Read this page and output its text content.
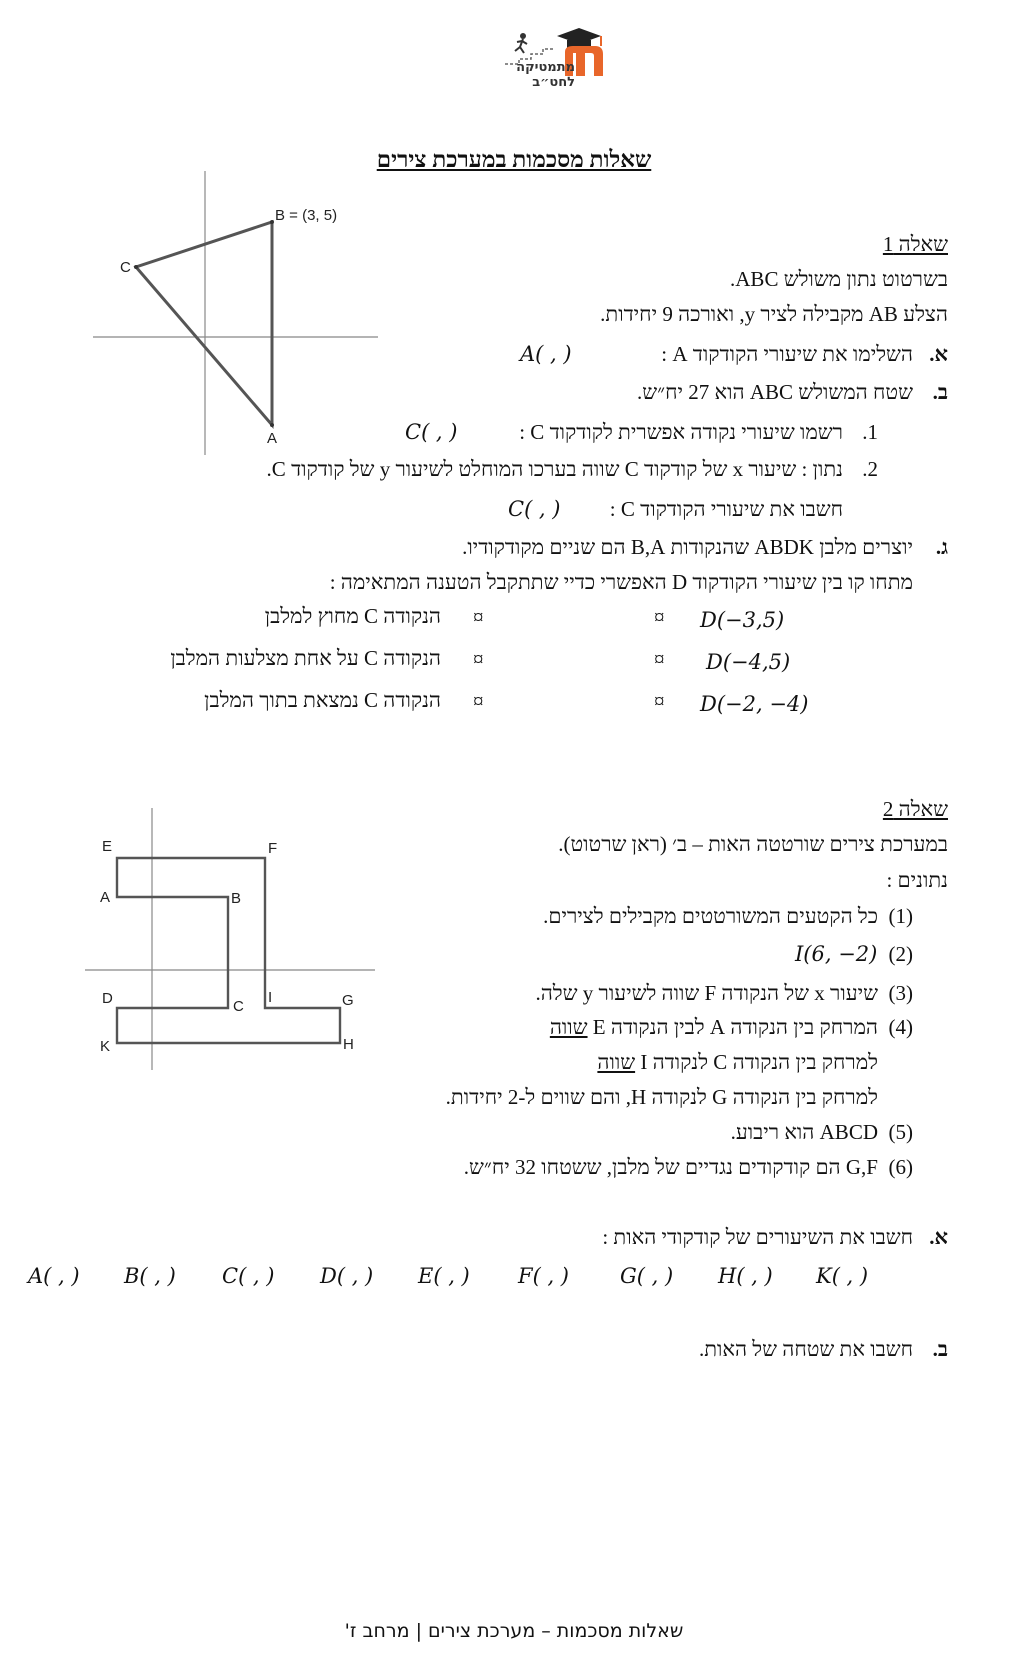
מתמטיקה לחט״ב
שאלות מסכמות במערכת צירים
B = (3, 5)
C
A
שאלה 1
בשרטוט נתון משולש ABC.
הצלע AB מקבילה לציר y, ואורכה 9 יחידות.
א.
השלימו את שיעורי הקודקוד A :
A( , )
ב.
שטח המשולש ABC הוא 27 יח״ש.
1.
רשמו שיעורי נקודה אפשרית לקודקוד C :
C( , )
2.
נתון : שיעור x של קודקוד C שווה בערכו המוחלט לשיעור y של קודקוד C.
חשבו את שיעורי הקודקוד C :
C( , )
ג.
יוצרים מלבן ABDK שהנקודות B,A הם שניים מקודקודיו.
מתחו קו בין שיעורי הקודקוד D האפשרי כדיי שתתקבל הטענה המתאימה :
D(−3,5)
D(−4,5)
D(−2, −4)
¤
¤
¤
¤
¤
¤
הנקודה C מחוץ למלבן
הנקודה C על אחת מצלעות המלבן
הנקודה C נמצאת בתוך המלבן
E	F
A	B
D	C
I	G
K	H
שאלה 2
במערכת צירים שורטטה האות – ב׳ (ראן שרטוט).
נתונים :
(1)
כל הקטעים המשורטטים מקבילים לצירים.
(2)
I(6, −2)
(3)
שיעור x של הנקודה F שווה לשיעור y שלה.
(4)
המרחק בין הנקודה A לבין הנקודה E שווה
למרחק בין הנקודה C לנקודה I שווה
למרחק בין הנקודה G לנקודה H, והם שווים ל-2 יחידות.
(5)
ABCD הוא ריבוע.
(6)
G,F הם קודקודים נגדיים של מלבן, ששטחו 32 יח״ש.
א.
חשבו את השיעורים של קודקודי האות :
A( , ) B( , ) C( , ) D( , ) E( , ) F( , ) G( , ) H( , ) K( , )
ב.
חשבו את שטחה של האות.
שאלות מסכמות – מערכת צירים | מרחב ז'
